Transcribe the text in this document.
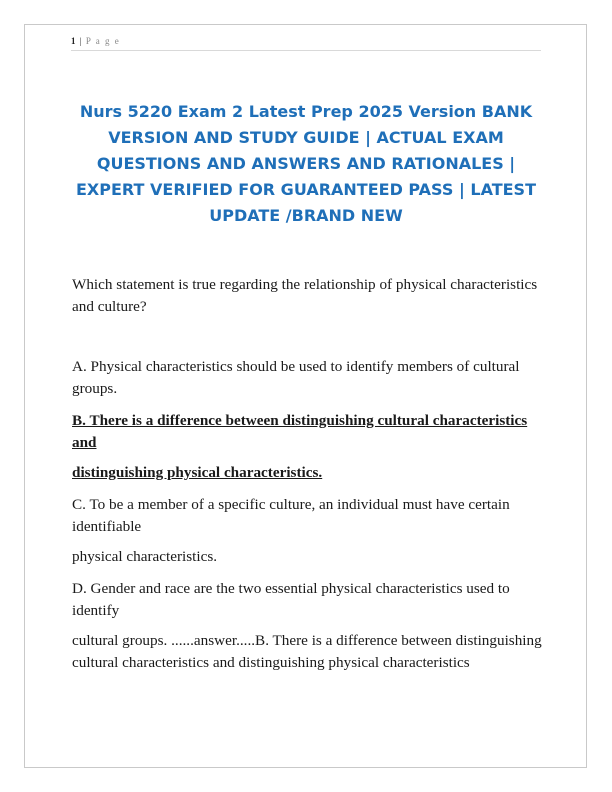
1 | P a g e
Nurs 5220 Exam 2 Latest Prep 2025 Version BANK VERSION AND STUDY GUIDE | ACTUAL EXAM QUESTIONS AND ANSWERS AND RATIONALES | EXPERT VERIFIED FOR GUARANTEED PASS | LATEST UPDATE /BRAND NEW
Which statement is true regarding the relationship of physical characteristics and culture?
A. Physical characteristics should be used to identify members of cultural groups.
B. There is a difference between distinguishing cultural characteristics and
distinguishing physical characteristics.
C. To be a member of a specific culture, an individual must have certain identifiable
physical characteristics.
D. Gender and race are the two essential physical characteristics used to identify
cultural groups. ......answer.....B. There is a difference between distinguishing cultural characteristics and distinguishing physical characteristics
